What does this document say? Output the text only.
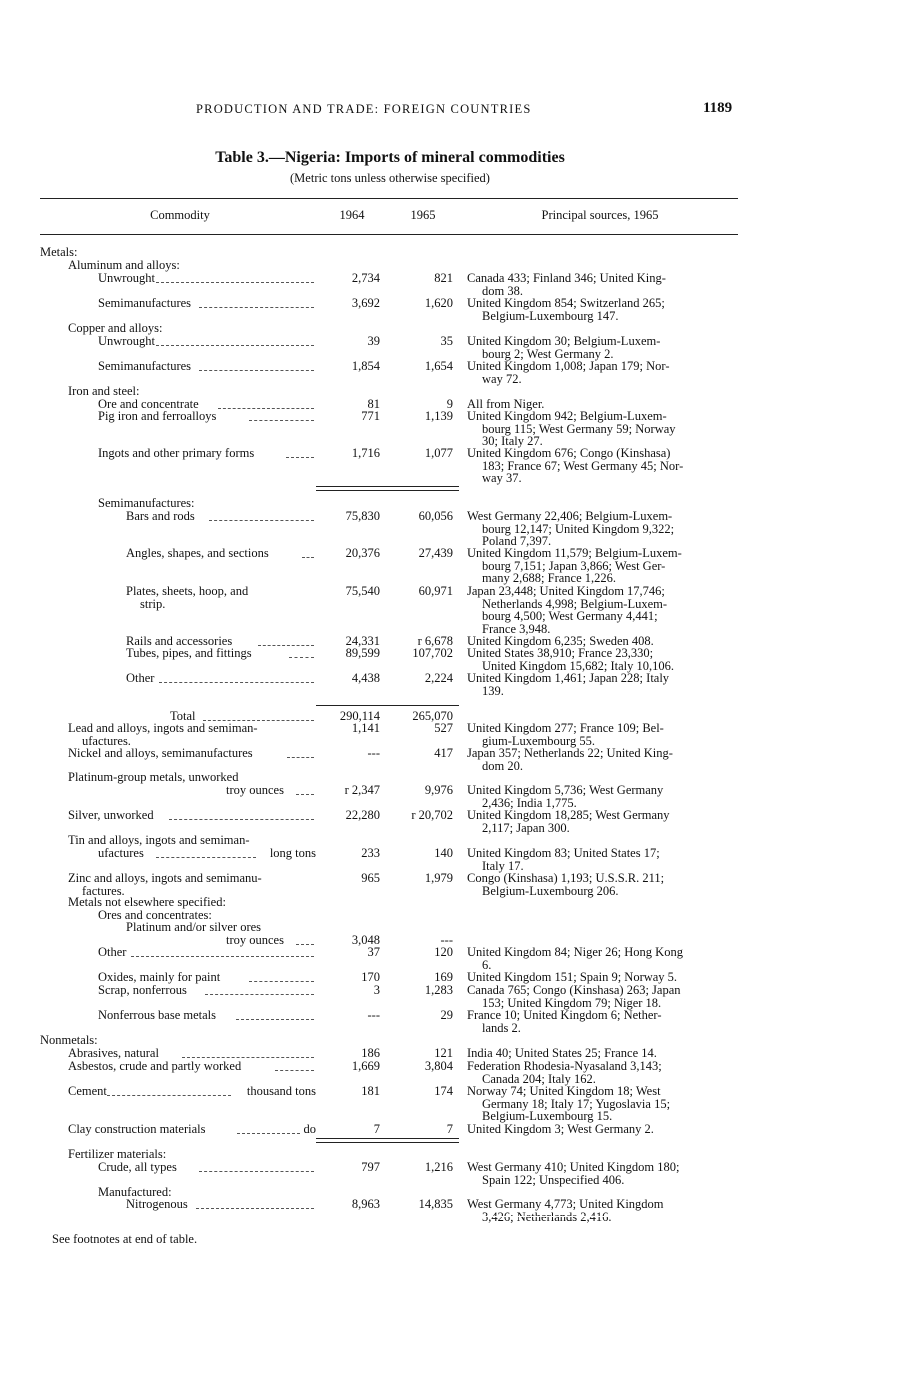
PRODUCTION AND TRADE: FOREIGN COUNTRIES	1189
Table 3.—Nigeria: Imports of mineral commodities
(Metric tons unless otherwise specified)
Commodity	1964	1965	Principal sources, 1965
Metals:
Aluminum and alloys:
Unwrought	2,734	821 Canada 433; Finland 346; United King-
dom 38.
Semimanufactures	3,692	1,620 United Kingdom 854; Switzerland 265;
Belgium-Luxembourg 147.
Copper and alloys:
Unwrought	39	35 United Kingdom 30; Belgium-Luxem-
bourg 2; West Germany 2.
Semimanufactures	1,854	1,654 United Kingdom 1,008; Japan 179; Nor-
way 72.
Iron and steel:
Ore and concentrate	81	9 All from Niger.
Pig iron and ferroalloys	771	1,139 United Kingdom 942; Belgium-Luxem-
bourg 115; West Germany 59; Norway
30; Italy 27.
Ingots and other primary forms	1,716	1,077 United Kingdom 676; Congo (Kinshasa)
183; France 67; West Germany 45; Nor-
way 37.
Semimanufactures:
Bars and rods	75,830	60,056 West Germany 22,406; Belgium-Luxem-
bourg 12,147; United Kingdom 9,322;
Poland 7,397.
Angles, shapes, and sections	20,376	27,439 United Kingdom 11,579; Belgium-Luxem-
bourg 7,151; Japan 3,866; West Ger-
many 2,688; France 1,226.
Plates, sheets, hoop, and
strip.
75,540	60,971 Japan 23,448; United Kingdom 17,746;
Netherlands 4,998; Belgium-Luxem-
bourg 4,500; West Germany 4,441;
France 3,948.
Rails and accessories	24,331	r 6,678 United Kingdom 6,235; Sweden 408.
Tubes, pipes, and fittings	89,599	107,702 United States 38,910; France 23,330;
United Kingdom 15,682; Italy 10,106.
Other	4,438	2,224 United Kingdom 1,461; Japan 228; Italy
139.
Total	290,114	265,070
Lead and alloys, ingots and semiman-
ufactures.
1,141	527 United Kingdom 277; France 109; Bel-
gium-Luxembourg 55.
Nickel and alloys, semimanufactures	---	417 Japan 357; Netherlands 22; United King-
dom 20.
Platinum-group metals, unworked
troy ounces	r 2,347	9,976 United Kingdom 5,736; West Germany
2,436; India 1,775.
Silver, unworked	22,280	r 20,702 United Kingdom 18,285; West Germany
2,117; Japan 300.
Tin and alloys, ingots and semiman-
ufactures	long tons	233	140 United Kingdom 83; United States 17;
Italy 17.
Zinc and alloys, ingots and semimanu-
factures.
965	1,979 Congo (Kinshasa) 1,193; U.S.S.R. 211;
Belgium-Luxembourg 206.
Metals not elsewhere specified:
Ores and concentrates:
Platinum and/or silver ores
troy ounces	3,048	---
Other	37	120 United Kingdom 84; Niger 26; Hong Kong
6.
Oxides, mainly for paint	170	169 United Kingdom 151; Spain 9; Norway 5.
Scrap, nonferrous	3	1,283 Canada 765; Congo (Kinshasa) 263; Japan
153; United Kingdom 79; Niger 18.
Nonferrous base metals	---	29 France 10; United Kingdom 6; Nether-
lands 2.
Nonmetals:
Abrasives, natural	186	121 India 40; United States 25; France 14.
Asbestos, crude and partly worked	1,669	3,804 Federation Rhodesia-Nyasaland 3,143;
Canada 204; Italy 162.
Cement	thousand tons	181	174 Norway 74; United Kingdom 18; West
Germany 18; Italy 17; Yugoslavia 15;
Belgium-Luxembourg 15.
Clay construction materials	do	7	7 United Kingdom 3; West Germany 2.
Fertilizer materials:
Crude, all types	797	1,216 West Germany 410; United Kingdom 180;
Spain 122; Unspecified 406.
Manufactured:
Nitrogenous	8,963	14,835 West Germany 4,773; United Kingdom
3,426; Netherlands 2,416.
See footnotes at end of table.
